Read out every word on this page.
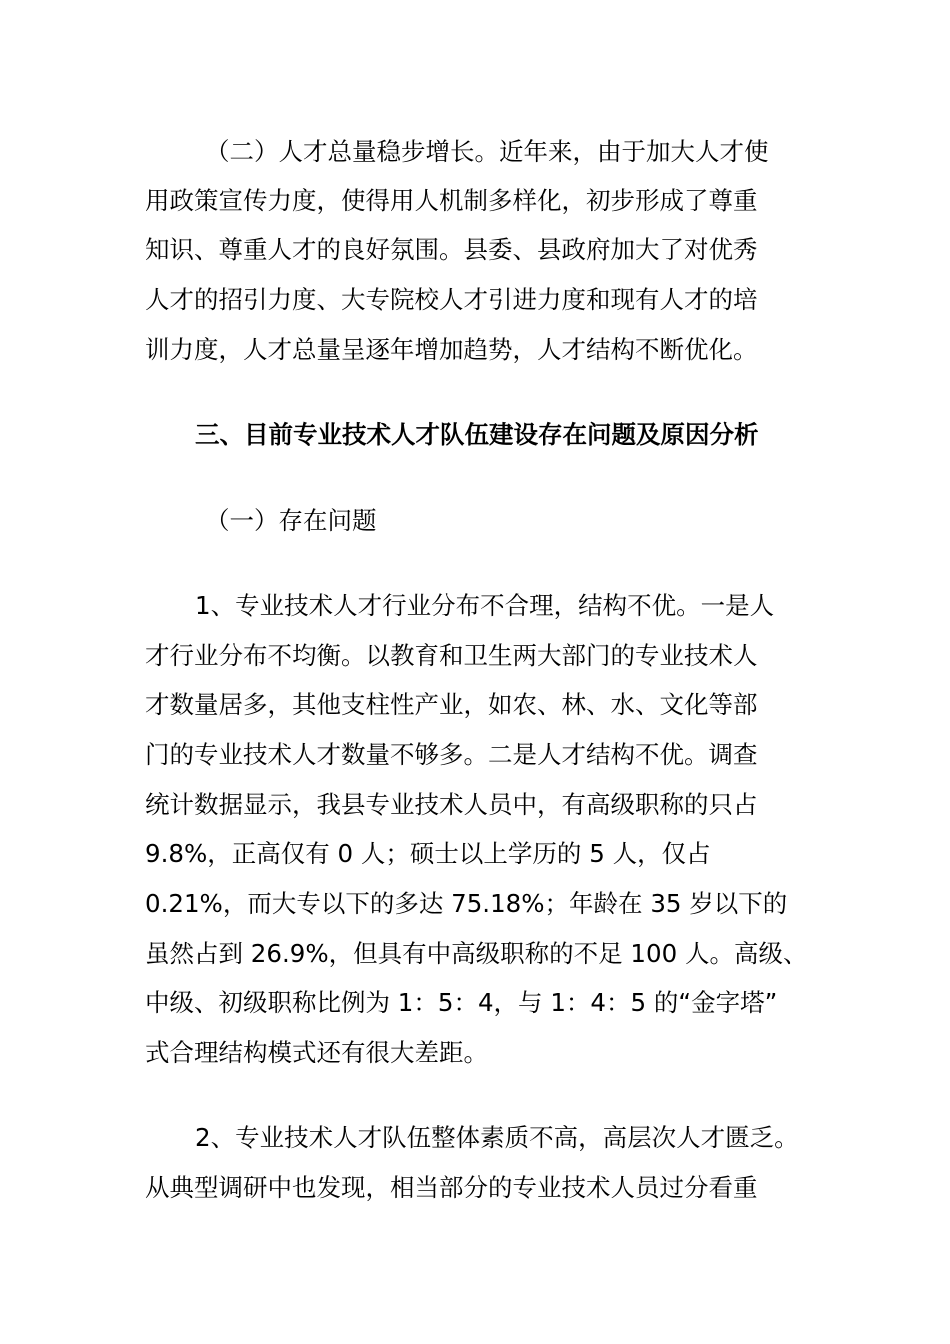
（二）人才总量稳步增长。近年来，由于加大人才使
用政策宣传力度，使得用人机制多样化，初步形成了尊重
知识、尊重人才的良好氛围。县委、县政府加大了对优秀
人才的招引力度、大专院校人才引进力度和现有人才的培
训力度，人才总量呈逐年增加趋势，人才结构不断优化。
三、目前专业技术人才队伍建设存在问题及原因分析
（一）存在问题
1、专业技术人才行业分布不合理，结构不优。一是人
才行业分布不均衡。以教育和卫生两大部门的专业技术人
才数量居多，其他支柱性产业，如农、林、水、文化等部
门的专业技术人才数量不够多。二是人才结构不优。调查
统计数据显示，我县专业技术人员中，有高级职称的只占
9.8%，正高仅有 0 人；硕士以上学历的 5 人，仅占
0.21%，而大专以下的多达 75.18%；年龄在 35 岁以下的
虽然占到 26.9%，但具有中高级职称的不足 100 人。高级、
中级、初级职称比例为 1：5：4，与 1：4：5 的“金字塔”
式合理结构模式还有很大差距。
2、专业技术人才队伍整体素质不高，高层次人才匮乏。
从典型调研中也发现，相当部分的专业技术人员过分看重
